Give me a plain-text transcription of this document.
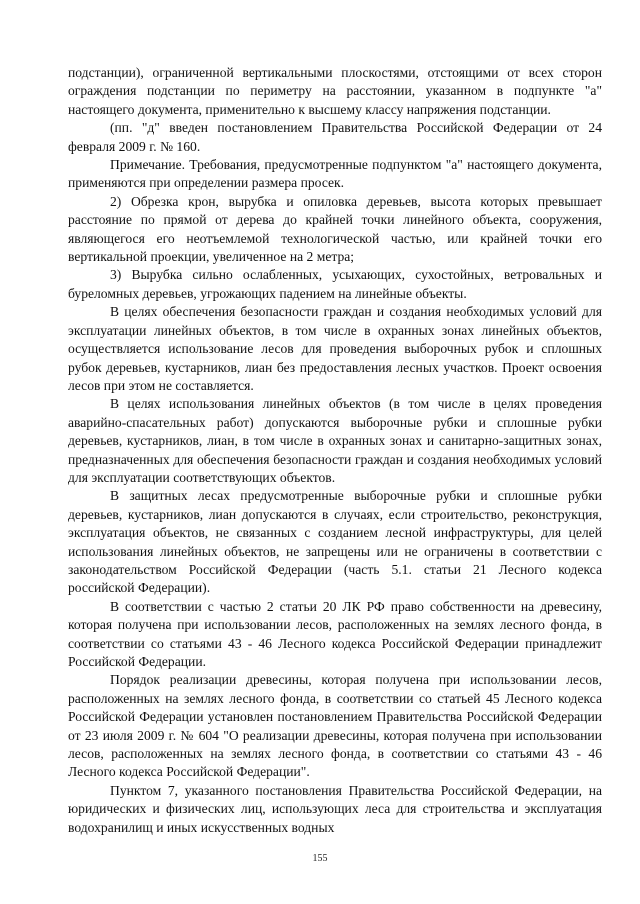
подстанции), ограниченной вертикальными плоскостями, отстоящими от всех сторон ограждения подстанции по периметру на расстоянии, указанном в подпункте "а" настоящего документа, применительно к высшему классу напряжения подстанции.

(пп. "д" введен постановлением Правительства Российской Федерации от 24 февраля 2009 г. № 160.

Примечание. Требования, предусмотренные подпунктом "а" настоящего документа, применяются при определении размера просек.

2) Обрезка крон, вырубка и опиловка деревьев, высота которых превышает расстояние по прямой от дерева до крайней точки линейного объекта, сооружения, являющегося его неотъемлемой технологической частью, или крайней точки его вертикальной проекции, увеличенное на 2 метра;

3) Вырубка сильно ослабленных, усыхающих, сухостойных, ветровальных и буреломных деревьев, угрожающих падением на линейные объекты.

В целях обеспечения безопасности граждан и создания необходимых условий для эксплуатации линейных объектов, в том числе в охранных зонах линейных объектов, осуществляется использование лесов для проведения выборочных рубок и сплошных рубок деревьев, кустарников, лиан без предоставления лесных участков. Проект освоения лесов при этом не составляется.

В целях использования линейных объектов (в том числе в целях проведения аварийно-спасательных работ) допускаются выборочные рубки и сплошные рубки деревьев, кустарников, лиан, в том числе в охранных зонах и санитарно-защитных зонах, предназначенных для обеспечения безопасности граждан и создания необходимых условий для эксплуатации соответствующих объектов.

В защитных лесах предусмотренные выборочные рубки и сплошные рубки деревьев, кустарников, лиан допускаются в случаях, если строительство, реконструкция, эксплуатация объектов, не связанных с созданием лесной инфраструктуры, для целей использования линейных объектов, не запрещены или не ограничены в соответствии с законодательством Российской Федерации (часть 5.1. статьи 21 Лесного кодекса российской Федерации).

В соответствии с частью 2 статьи 20 ЛК РФ право собственности на древесину, которая получена при использовании лесов, расположенных на землях лесного фонда, в соответствии со статьями 43 - 46 Лесного кодекса Российской Федерации принадлежит Российской Федерации.

Порядок реализации древесины, которая получена при использовании лесов, расположенных на землях лесного фонда, в соответствии со статьей 45 Лесного кодекса Российской Федерации установлен постановлением Правительства Российской Федерации от 23 июля 2009 г. № 604 "О реализации древесины, которая получена при использовании лесов, расположенных на землях лесного фонда, в соответствии со статьями 43 - 46 Лесного кодекса Российской Федерации".

Пунктом 7, указанного постановления Правительства Российской Федерации, на юридических и физических лиц, использующих леса для строительства и эксплуатация водохранилищ и иных искусственных водных

155
